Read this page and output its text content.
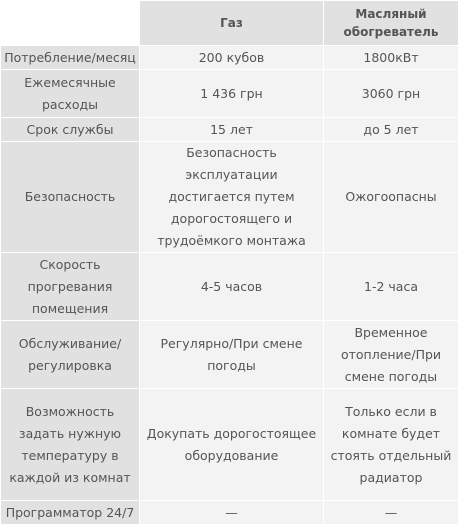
	Газ	Масляный обогреватель
Потребление/месяц	200 кубов	1800кВт
Ежемесячные расходы	1 436 грн	3060 грн
Срок службы	15 лет	до 5 лет
Безопасность	Безопасность эксплуатации достигается путем дорогостоящего и трудоёмкого монтажа	Ожогоопасны
Скорость прогревания помещения	4-5 часов	1-2 часа
Обслуживание/ регулировка	Регулярно/При смене погоды	Временное отопление/При смене погоды
Возможность задать нужную температуру в каждой из комнат	Докупать дорогостоящее оборудование	Только если в комнате будет стоять отдельный радиатор
Программатор 24/7	—	—
